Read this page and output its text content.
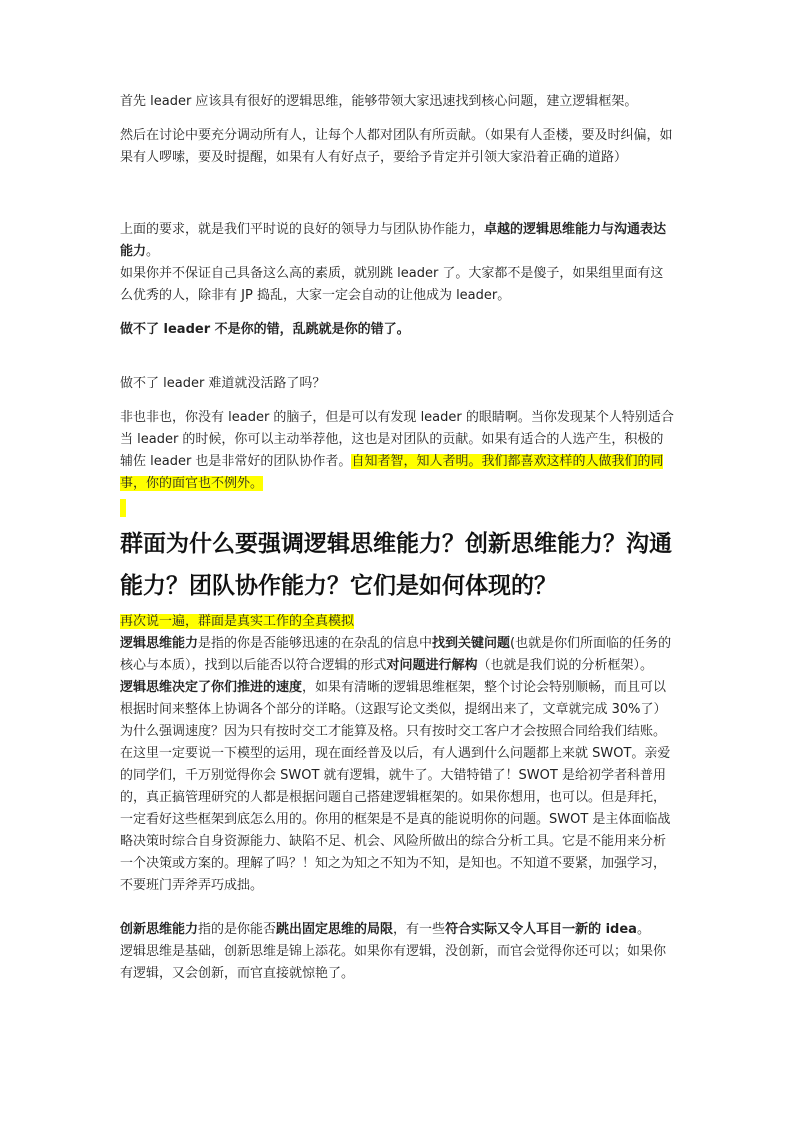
首先 leader 应该具有很好的逻辑思维，能够带领大家迅速找到核心问题，建立逻辑框架。

然后在讨论中要充分调动所有人，让每个人都对团队有所贡献。（如果有人歪楼，要及时纠偏，如果有人啰嗦，要及时提醒，如果有人有好点子，要给予肯定并引领大家沿着正确的道路）

上面的要求，就是我们平时说的良好的领导力与团队协作能力，卓越的逻辑思维能力与沟通表达能力。

如果你并不保证自己具备这么高的素质，就别跳 leader 了。大家都不是傻子，如果组里面有这么优秀的人，除非有 JP 捣乱，大家一定会自动的让他成为 leader。

做不了 leader 不是你的错，乱跳就是你的错了。

做不了 leader 难道就没活路了吗？

非也非也，你没有 leader 的脑子，但是可以有发现 leader 的眼睛啊。当你发现某个人特别适合当 leader 的时候，你可以主动举荐他，这也是对团队的贡献。如果有适合的人选产生，积极的辅佐 leader 也是非常好的团队协作者。自知者智，知人者明。我们都喜欢这样的人做我们的同事，你的面官也不例外。

群面为什么要强调逻辑思维能力？创新思维能力？沟通能力？团队协作能力？它们是如何体现的？

再次说一遍，群面是真实工作的全真模拟

逻辑思维能力是指的你是否能够迅速的在杂乱的信息中找到关键问题(也就是你们所面临的任务的核心与本质），找到以后能否以符合逻辑的形式对问题进行解构（也就是我们说的分析框架）。

逻辑思维决定了你们推进的速度，如果有清晰的逻辑思维框架，整个讨论会特别顺畅，而且可以根据时间来整体上协调各个部分的详略。（这跟写论文类似，提纲出来了，文章就完成 30%了）

为什么强调速度？因为只有按时交工才能算及格。只有按时交工客户才会按照合同给我们结账。

在这里一定要说一下模型的运用，现在面经普及以后，有人遇到什么问题都上来就 SWOT。亲爱的同学们，千万别觉得你会 SWOT 就有逻辑，就牛了。大错特错了！SWOT 是给初学者科普用的，真正搞管理研究的人都是根据问题自己搭建逻辑框架的。如果你想用，也可以。但是拜托，一定看好这些框架到底怎么用的。你用的框架是不是真的能说明你的问题。SWOT 是主体面临战略决策时综合自身资源能力、缺陷不足、机会、风险所做出的综合分析工具。它是不能用来分析一个决策或方案的。理解了吗？！知之为知之不知为不知，是知也。不知道不要紧，加强学习，不要班门弄斧弄巧成拙。

创新思维能力指的是你能否跳出固定思维的局限，有一些符合实际又令人耳目一新的 idea。

逻辑思维是基础，创新思维是锦上添花。如果你有逻辑，没创新，而官会觉得你还可以；如果你有逻辑，又会创新，而官直接就惊艳了。
